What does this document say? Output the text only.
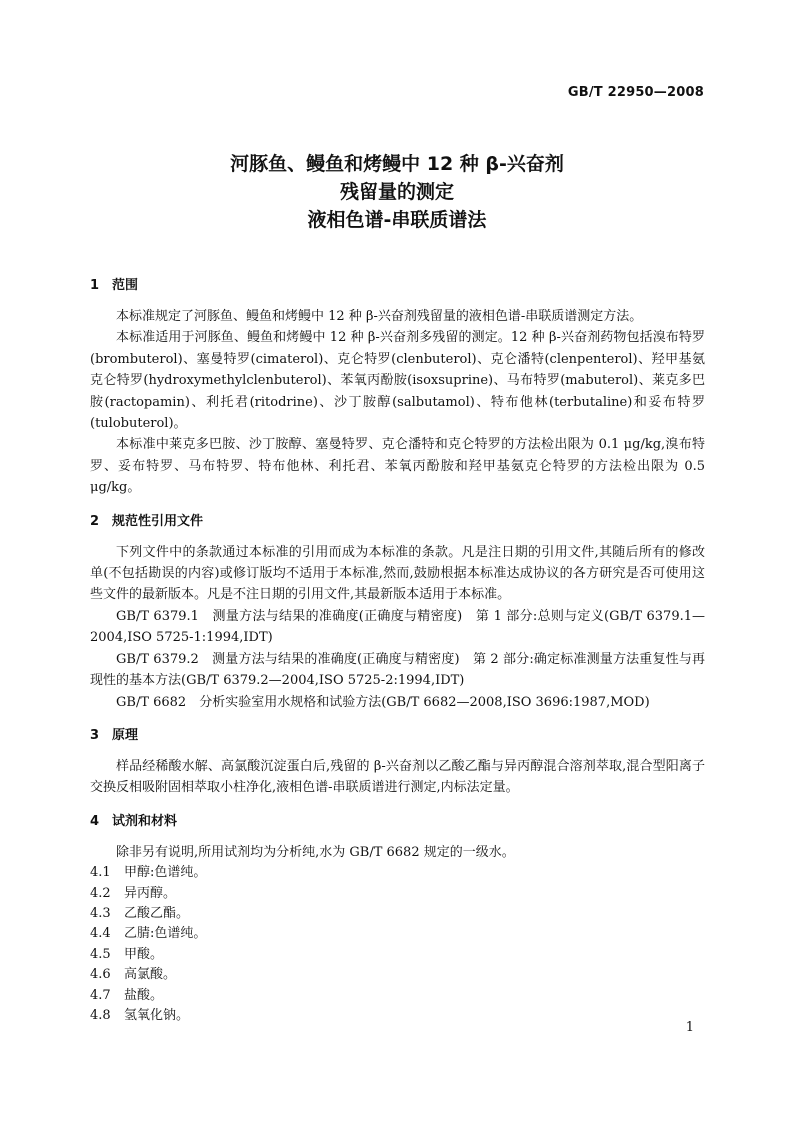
GB/T 22950—2008
河豚鱼、鳗鱼和烤鳗中 12 种 β-兴奋剂
残留量的测定
液相色谱-串联质谱法
1 范围

本标准规定了河豚鱼、鳗鱼和烤鳗中 12 种 β-兴奋剂残留量的液相色谱-串联质谱测定方法。

本标准适用于河豚鱼、鳗鱼和烤鳗中 12 种 β-兴奋剂多残留的测定。12 种 β-兴奋剂药物包括溴布特罗(brombuterol)、塞曼特罗(cimaterol)、克仑特罗(clenbuterol)、克仑潘特(clenpenterol)、羟甲基氨克仑特罗(hydroxymethylclenbuterol)、苯氧丙酚胺(isoxsuprine)、马布特罗(mabuterol)、莱克多巴胺(ractopamin)、利托君(ritodrine)、沙丁胺醇(salbutamol)、特布他林(terbutaline)和妥布特罗(tulobuterol)。

本标准中莱克多巴胺、沙丁胺醇、塞曼特罗、克仑潘特和克仑特罗的方法检出限为 0.1 μg/kg,溴布特罗、妥布特罗、马布特罗、特布他林、利托君、苯氧丙酚胺和羟甲基氨克仑特罗的方法检出限为 0.5 μg/kg。

2 规范性引用文件

下列文件中的条款通过本标准的引用而成为本标准的条款。凡是注日期的引用文件,其随后所有的修改单(不包括勘误的内容)或修订版均不适用于本标准,然而,鼓励根据本标准达成协议的各方研究是否可使用这些文件的最新版本。凡是不注日期的引用文件,其最新版本适用于本标准。

GB/T 6379.1　测量方法与结果的准确度(正确度与精密度)　第 1 部分:总则与定义(GB/T 6379.1—2004,ISO 5725-1:1994,IDT)

GB/T 6379.2　测量方法与结果的准确度(正确度与精密度)　第 2 部分:确定标准测量方法重复性与再现性的基本方法(GB/T 6379.2—2004,ISO 5725-2:1994,IDT)

GB/T 6682　分析实验室用水规格和试验方法(GB/T 6682—2008,ISO 3696:1987,MOD)

3 原理

样品经稀酸水解、高氯酸沉淀蛋白后,残留的 β-兴奋剂以乙酸乙酯与异丙醇混合溶剂萃取,混合型阳离子交换反相吸附固相萃取小柱净化,液相色谱-串联质谱进行测定,内标法定量。

4 试剂和材料

除非另有说明,所用试剂均为分析纯,水为 GB/T 6682 规定的一级水。

4.1 甲醇:色谱纯。
4.2 异丙醇。
4.3 乙酸乙酯。
4.4 乙腈:色谱纯。
4.5 甲酸。
4.6 高氯酸。
4.7 盐酸。
4.8 氢氧化钠。
1
